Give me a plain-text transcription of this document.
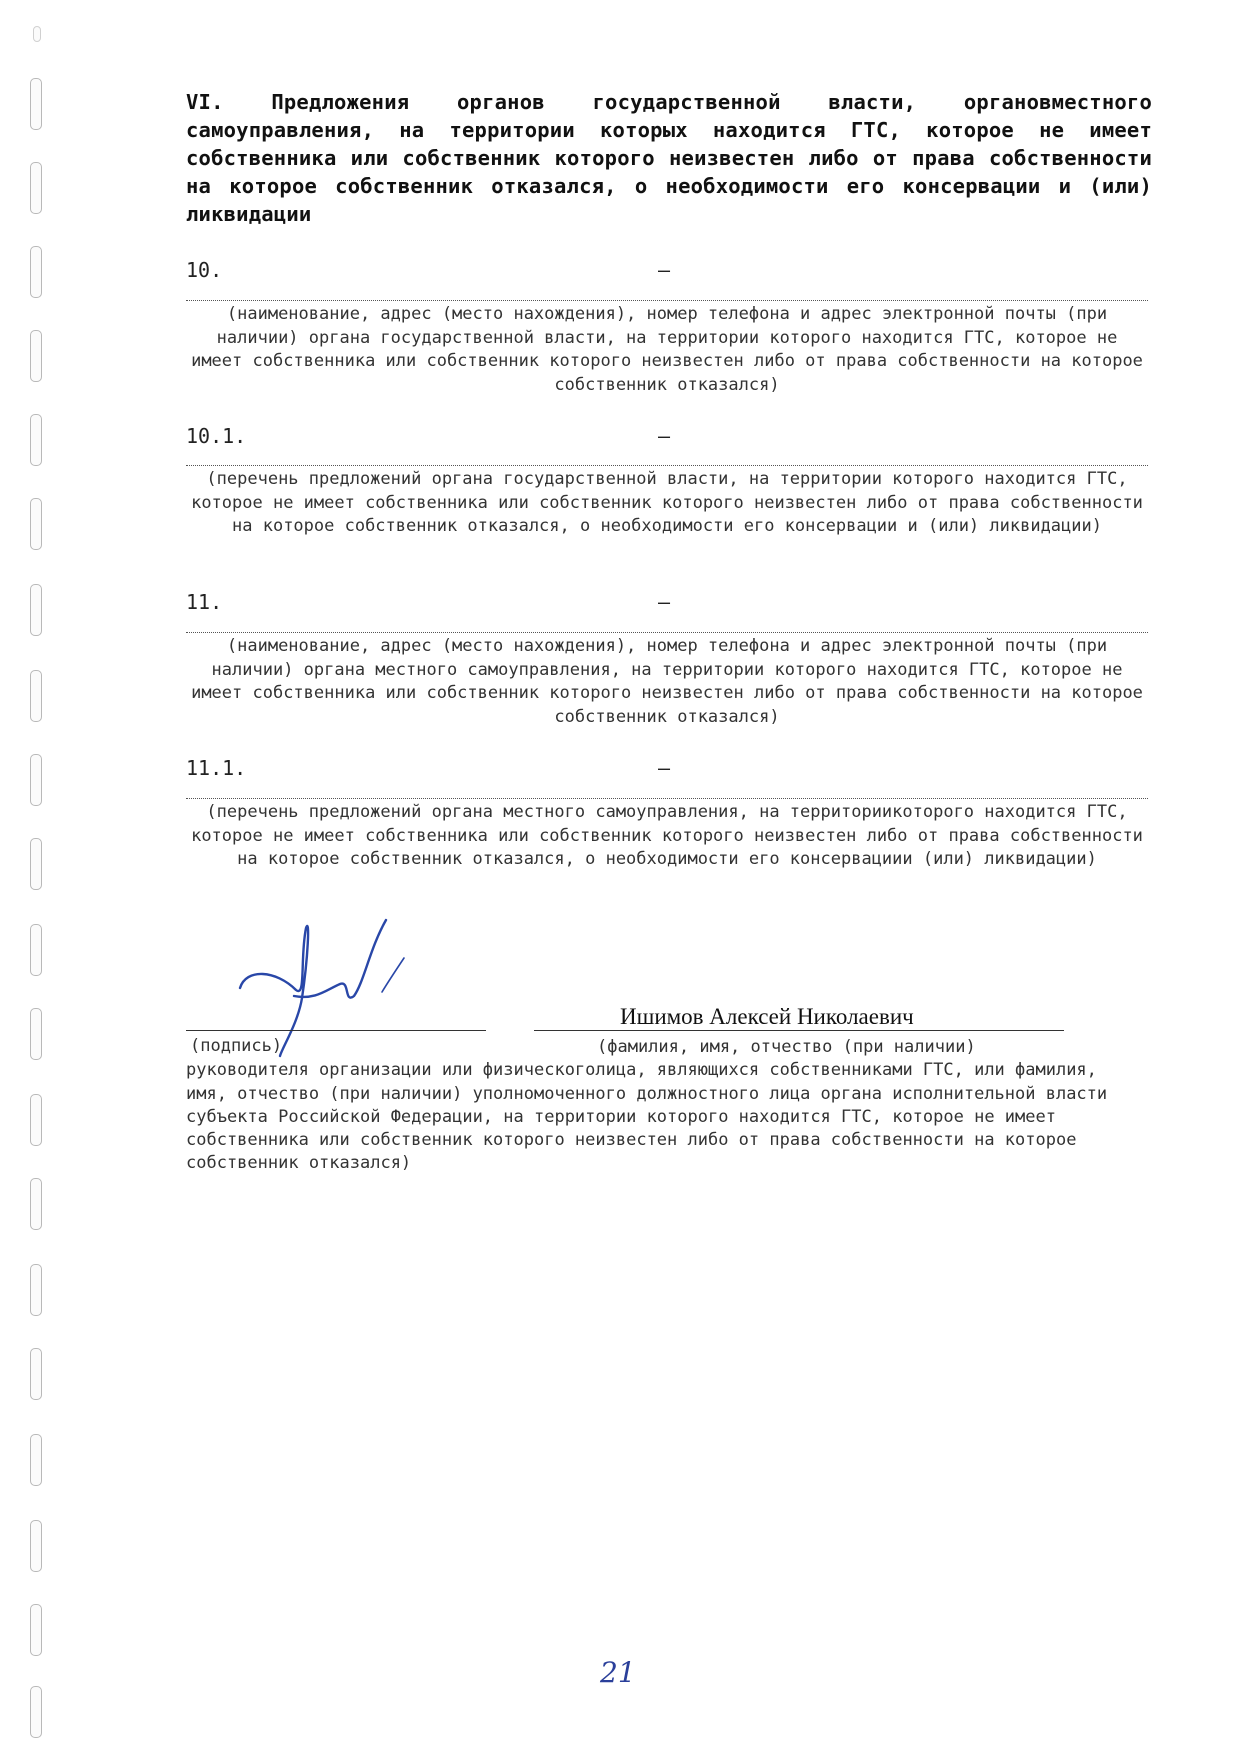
VI. Предложения органов государственной власти, органовместного самоуправления, на территории которых находится ГТС, которое не имеет собственника или собственник которого неизвестен либо от права собственности на которое собственник отказался, о необходимости его консервации и (или) ликвидации
10.	–
(наименование, адрес (место нахождения), номер телефона и адрес электронной почты (при наличии) органа государственной власти, на территории которого находится ГТС, которое не имеет собственника или собственник которого неизвестен либо от права собственности на которое собственник отказался)
10.1.	–
(перечень предложений органа государственной власти, на территории которого находится ГТС, которое не имеет собственника или собственник которого неизвестен либо от права собственности на которое собственник отказался, о необходимости его консервации и (или) ликвидации)
11.	–
(наименование, адрес (место нахождения), номер телефона и адрес электронной почты (при наличии) органа местного самоуправления, на территории которого находится ГТС, которое не имеет собственника или собственник которого неизвестен либо от права собственности на которое собственник отказался)
11.1.	–
(перечень предложений органа местного самоуправления, на территориикоторого находится ГТС, которое не имеет собственника или собственник которого неизвестен либо от права собственности на которое собственник отказался, о необходимости его консервациии (или) ликвидации)
Ишимов Алексей Николаевич
(подпись)	(фамилия, имя, отчество (при наличии)
руководителя организации или физическоголица, являющихся собственниками ГТС, или фамилия, имя, отчество (при наличии) уполномоченного должностного лица органа исполнительной власти субъекта Российской Федерации, на территории которого находится ГТС, которое не имеет собственника или собственник которого неизвестен либо от права собственности на которое собственник отказался)
21
